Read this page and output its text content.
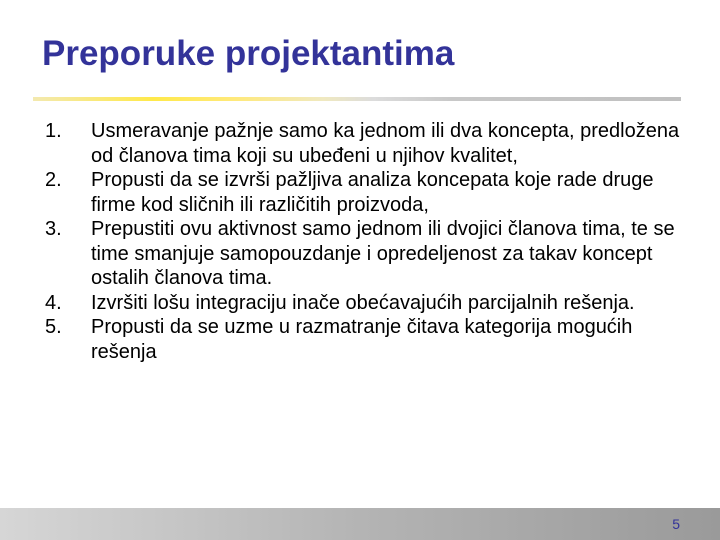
Preporuke projektantima
1.	Usmeravanje pažnje samo ka jednom ili dva koncepta, predložena od članova tima koji su ubeđeni u njihov kvalitet,
2.	Propusti da se izvrši pažljiva analiza koncepata koje rade druge firme kod sličnih ili različitih proizvoda,
3.	Prepustiti ovu aktivnost samo jednom ili dvojici članova tima, te se time smanjuje samopouzdanje i opredeljenost za takav koncept ostalih članova tima.
4.	Izvršiti lošu integraciju inače obećavajućih parcijalnih rešenja.
5.	Propusti da se uzme u razmatranje čitava kategorija mogućih rešenja
5
